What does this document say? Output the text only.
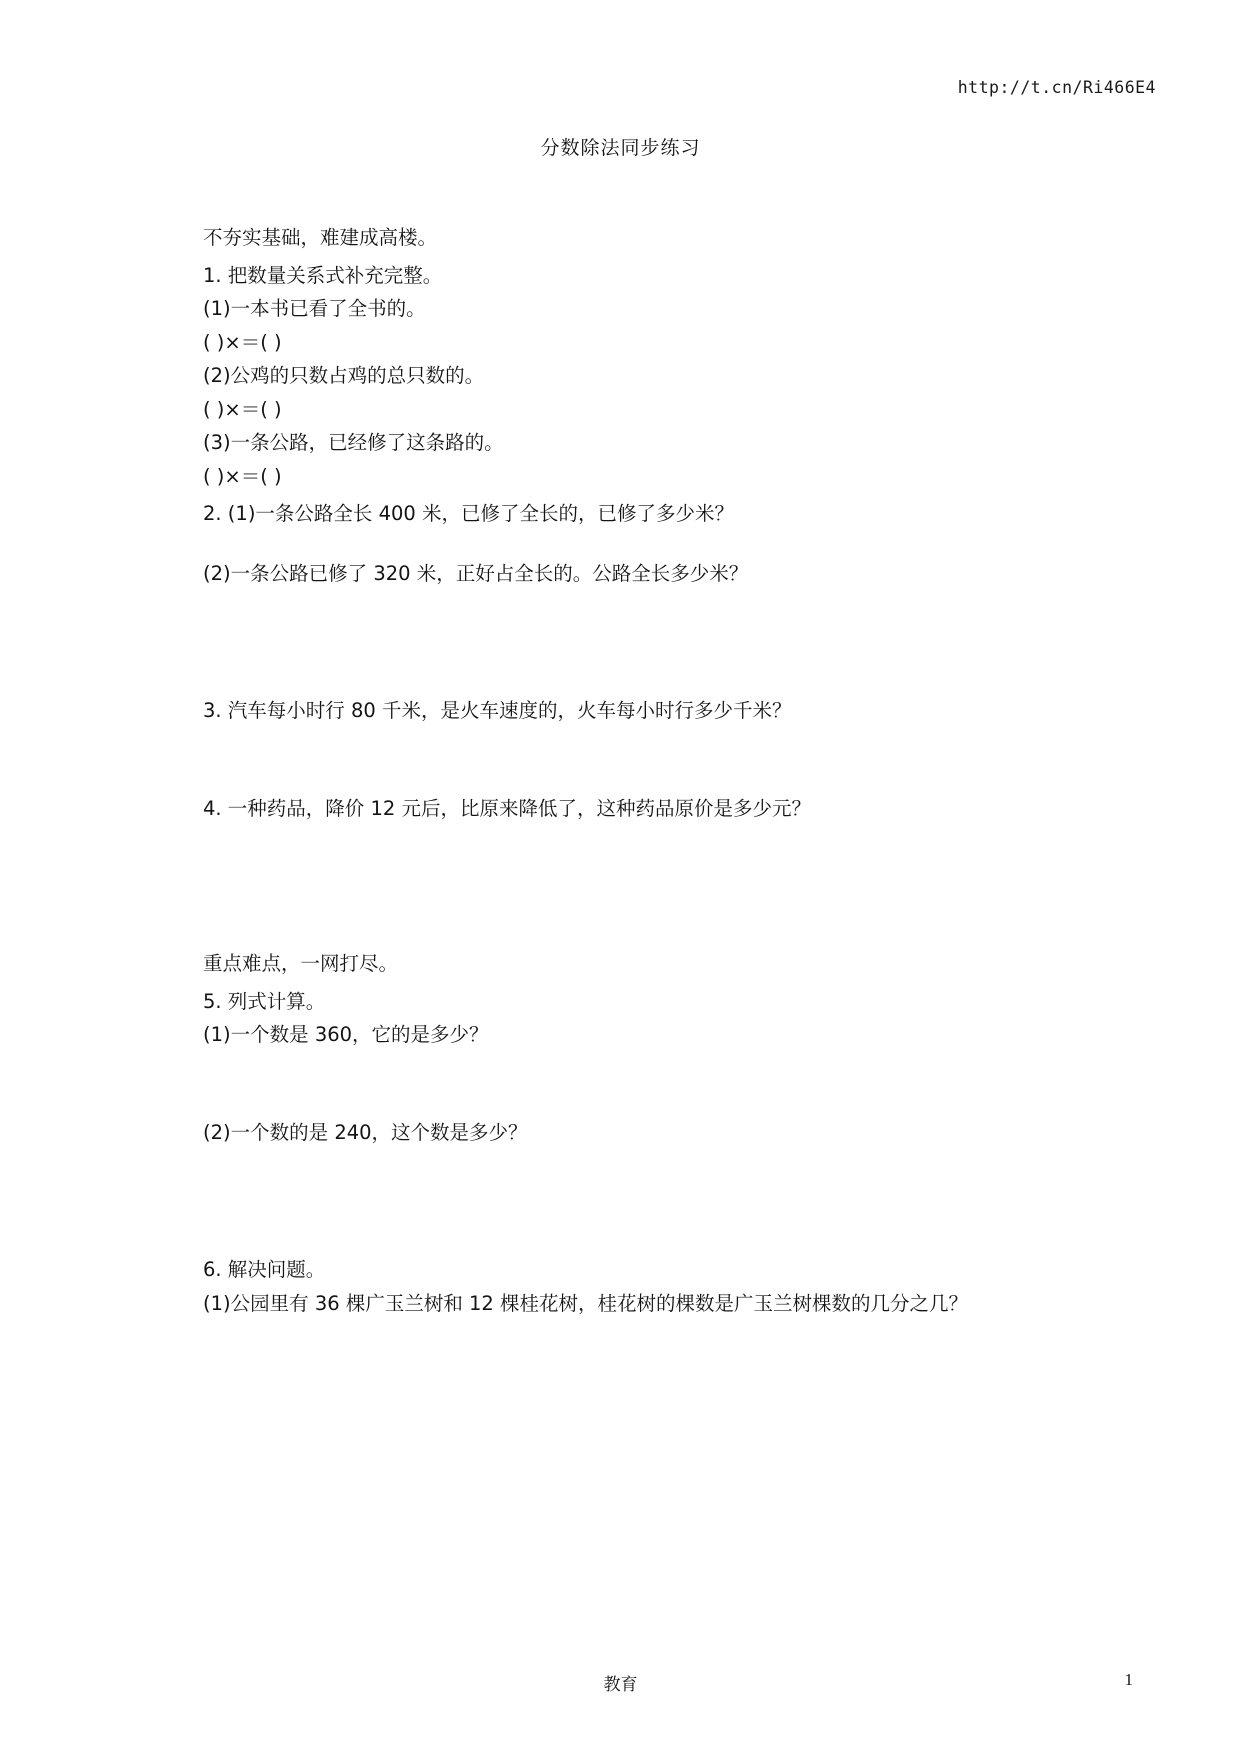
http://t.cn/Ri466E4
分数除法同步练习
不夯实基础，难建成高楼。
1. 把数量关系式补充完整。
(1)一本书已看了全书的。
( )×＝( )
(2)公鸡的只数占鸡的总只数的。
( )×＝( )
(3)一条公路，已经修了这条路的。
( )×＝( )
2. (1)一条公路全长 400 米，已修了全长的，已修了多少米？
(2)一条公路已修了 320 米，正好占全长的。公路全长多少米？
3. 汽车每小时行 80 千米，是火车速度的，火车每小时行多少千米？
4. 一种药品，降价 12 元后，比原来降低了，这种药品原价是多少元？
重点难点，一网打尽。
5. 列式计算。
(1)一个数是 360，它的是多少？
(2)一个数的是 240，这个数是多少？
6. 解决问题。
(1)公园里有 36 棵广玉兰树和 12 棵桂花树，桂花树的棵数是广玉兰树棵数的几分之几？
教育	1
